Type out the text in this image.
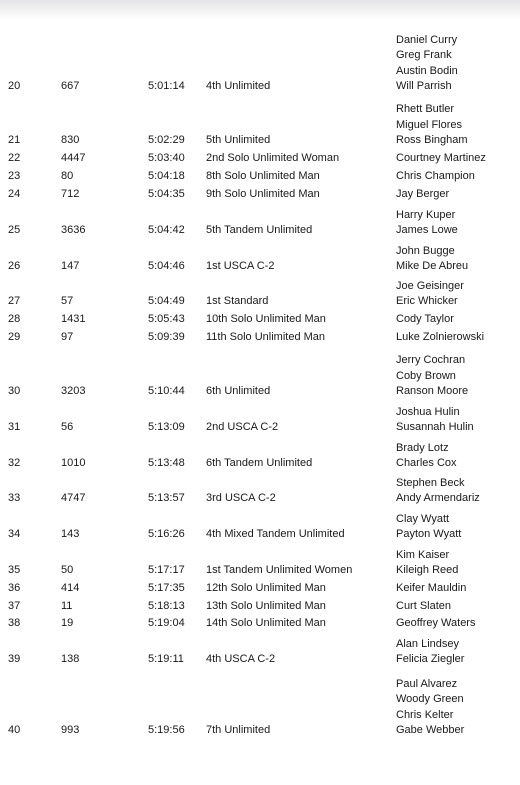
20	667	5:01:14 4th Unlimited
Daniel Curry
Greg Frank
Austin Bodin
Will Parrish
21	830	5:02:29 5th Unlimited
Rhett Butler
Miguel Flores
Ross Bingham
22	4447	5:03:40 2nd Solo Unlimited Woman	Courtney Martinez
23	80	5:04:18 8th Solo Unlimited Man	Chris Champion
24	712	5:04:35 9th Solo Unlimited Man	Jay Berger
25	3636	5:04:42 5th Tandem Unlimited
Harry Kuper
James Lowe
26	147	5:04:46 1st USCA C-2
John Bugge
Mike De Abreu
27	57	5:04:49 1st Standard
Joe Geisinger
Eric Whicker
28	1431	5:05:43 10th Solo Unlimited Man	Cody Taylor
29	97	5:09:39 11th Solo Unlimited Man	Luke Zolnierowski
30	3203	5:10:44 6th Unlimited
Jerry Cochran
Coby Brown
Ranson Moore
31	56	5:13:09 2nd USCA C-2
Joshua Hulin
Susannah Hulin
32	1010	5:13:48 6th Tandem Unlimited
Brady Lotz
Charles Cox
33	4747	5:13:57 3rd USCA C-2
Stephen Beck
Andy Armendariz
34	143	5:16:26 4th Mixed Tandem Unlimited
Clay Wyatt
Payton Wyatt
35	50	5:17:17 1st Tandem Unlimited Women
Kim Kaiser
Kileigh Reed
36	414	5:17:35 12th Solo Unlimited Man	Keifer Mauldin
37	11	5:18:13 13th Solo Unlimited Man	Curt Slaten
38	19	5:19:04 14th Solo Unlimited Man	Geoffrey Waters
39	138	5:19:11 4th USCA C-2
Alan Lindsey
Felicia Ziegler
40	993	5:19:56 7th Unlimited
Paul Alvarez
Woody Green
Chris Kelter
Gabe Webber
